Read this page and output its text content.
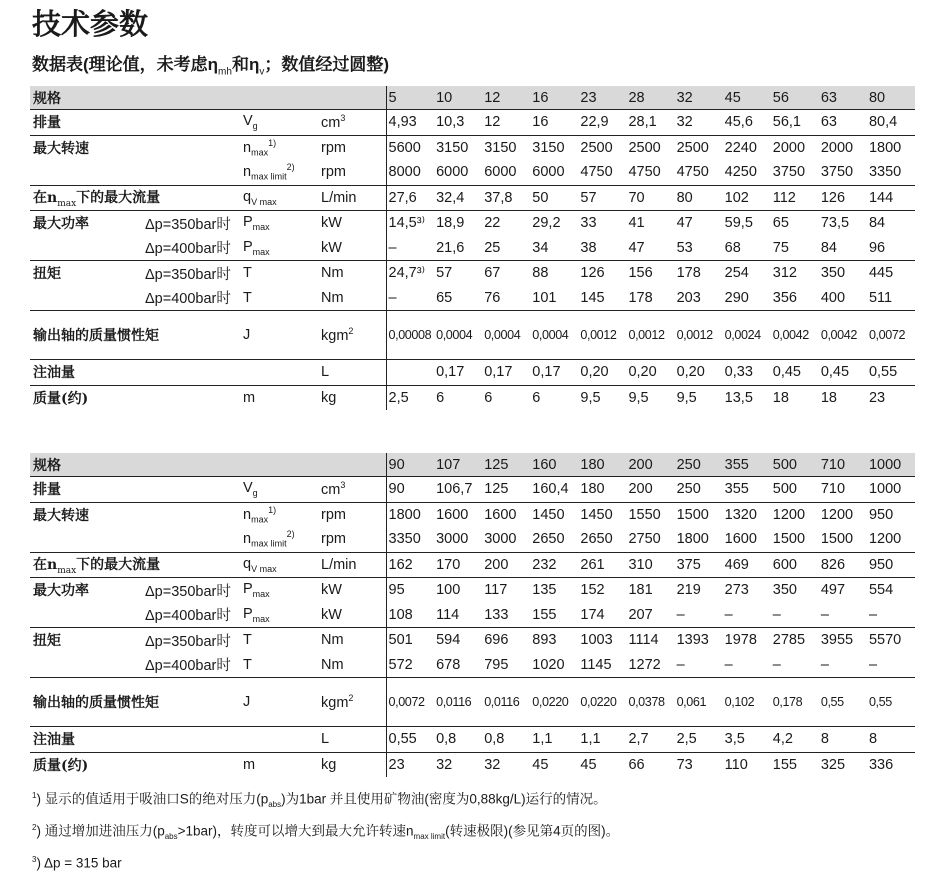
技术参数
数据表(理论值，未考虑$\eta_{mh}$和$\eta_v$；数值经过圆整)
规格				5	10	12	16	23	28	32	45	56	63	80
排量		$V_g$	$cm^3$	4,93	10,3	12	16	22,9	28,1	32	45,6	56,1	63	80,4
最大转速		$n_{max}^{1)}$	rpm	5600	3150	3150	3150	2500	2500	2500	2240	2000	2000	1800
		$n_{max limit}^{2)}$	rpm	8000	6000	6000	6000	4750	4750	4750	4250	3750	3750	3350
在$n_{max}$下的最大流量		$q_{V max}$	L/min	27,6	32,4	37,8	50	57	70	80	102	112	126	144
最大功率	Δp=350bar时	$P_{max}$	kW	14,5³⁾	18,9	22	29,2	33	41	47	59,5	65	73,5	84
	Δp=400bar时	$P_{max}$	kW	–	21,6	25	34	38	47	53	68	75	84	96
扭矩	Δp=350bar时	T	Nm	24,7³⁾	57	67	88	126	156	178	254	312	350	445
	Δp=400bar时	T	Nm	–	65	76	101	145	178	203	290	356	400	511
输出轴的质量惯性矩		J	kgm$^2$	0,00008	0,0004	0,0004	0,0004	0,0012	0,0012	0,0012	0,0024	0,0042	0,0042	0,0072
注油量			L		0,17	0,17	0,17	0,20	0,20	0,20	0,33	0,45	0,45	0,55
质量(约)		m	kg	2,5	6	6	6	9,5	9,5	9,5	13,5	18	18	23
规格				90	107	125	160	180	200	250	355	500	710	1000
排量		$V_g$	$cm^3$	90	106,7	125	160,4	180	200	250	355	500	710	1000
最大转速		$n_{max}^{1)}$	rpm	1800	1600	1600	1450	1450	1550	1500	1320	1200	1200	950
		$n_{max limit}^{2)}$	rpm	3350	3000	3000	2650	2650	2750	1800	1600	1500	1500	1200
在$n_{max}$下的最大流量		$q_{V max}$	L/min	162	170	200	232	261	310	375	469	600	826	950
最大功率	Δp=350bar时	$P_{max}$	kW	95	100	117	135	152	181	219	273	350	497	554
	Δp=400bar时	$P_{max}$	kW	108	114	133	155	174	207	–	–	–	–	–
扭矩	Δp=350bar时	T	Nm	501	594	696	893	1003	1114	1393	1978	2785	3955	5570
	Δp=400bar时	T	Nm	572	678	795	1020	1145	1272	–	–	–	–	–
输出轴的质量惯性矩		J	kgm$^2$	0,0072	0,0116	0,0116	0,0220	0,0220	0,0378	0,061	0,102	0,178	0,55	0,55
注油量			L	0,55	0,8	0,8	1,1	1,1	2,7	2,5	3,5	4,2	8	8
质量(约)		m	kg	23	32	32	45	45	66	73	110	155	325	336
$^1$) 显示的值适用于吸油口S的绝对压力$(p_{abs})$为1bar 并且使用矿物油(密度为0,88kg/L)运行的情况。
$^2$) 通过增加进油压力$(p_{abs}>1bar)$，转度可以增大到最大允许转速$n_{max limit}$(转速极限)(参见第4页的图)。
$^3$) Δp = 315 bar
